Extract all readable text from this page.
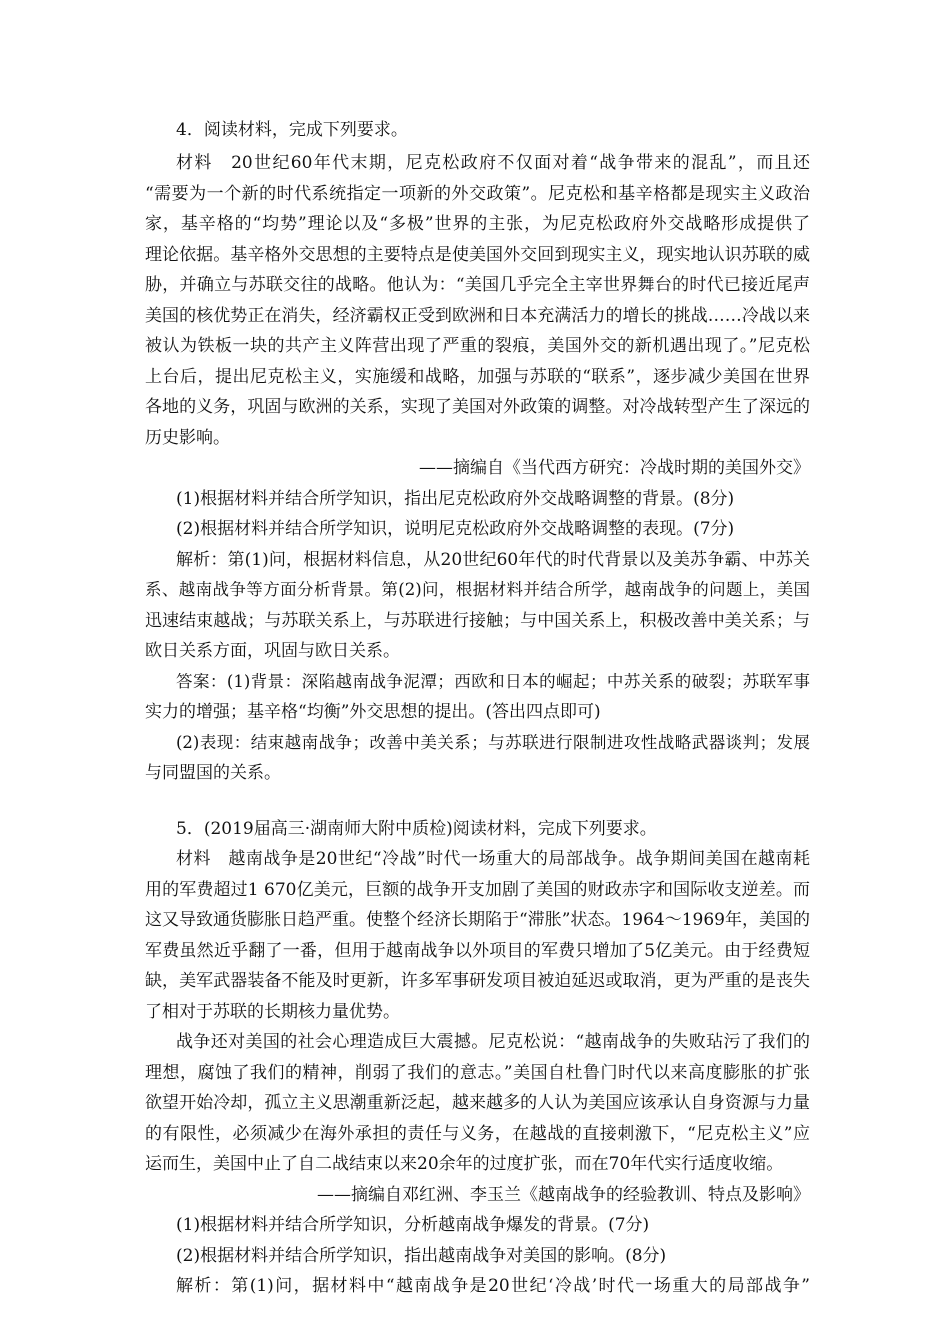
4．阅读材料，完成下列要求。
材料　20世纪60年代末期，尼克松政府不仅面对着“战争带来的混乱”，而且还
“需要为一个新的时代系统指定一项新的外交政策”。尼克松和基辛格都是现实主义政治
家，基辛格的“均势”理论以及“多极”世界的主张，为尼克松政府外交战略形成提供了
理论依据。基辛格外交思想的主要特点是使美国外交回到现实主义，现实地认识苏联的威
胁，并确立与苏联交往的战略。他认为：“美国几乎完全主宰世界舞台的时代已接近尾声
美国的核优势正在消失，经济霸权正受到欧洲和日本充满活力的增长的挑战……冷战以来
被认为铁板一块的共产主义阵营出现了严重的裂痕，美国外交的新机遇出现了。”尼克松
上台后，提出尼克松主义，实施缓和战略，加强与苏联的“联系”，逐步减少美国在世界
各地的义务，巩固与欧洲的关系，实现了美国对外政策的调整。对冷战转型产生了深远的
历史影响。
——摘编自《当代西方研究：冷战时期的美国外交》
(1)根据材料并结合所学知识，指出尼克松政府外交战略调整的背景。(8分)
(2)根据材料并结合所学知识，说明尼克松政府外交战略调整的表现。(7分)
解析：第(1)问，根据材料信息，从20世纪60年代的时代背景以及美苏争霸、中苏关
系、越南战争等方面分析背景。第(2)问，根据材料并结合所学，越南战争的问题上，美国
迅速结束越战；与苏联关系上，与苏联进行接触；与中国关系上，积极改善中美关系；与
欧日关系方面，巩固与欧日关系。
答案：(1)背景：深陷越南战争泥潭；西欧和日本的崛起；中苏关系的破裂；苏联军事
实力的增强；基辛格“均衡”外交思想的提出。(答出四点即可)
(2)表现：结束越南战争；改善中美关系；与苏联进行限制进攻性战略武器谈判；发展
与同盟国的关系。
5．(2019届高三·湖南师大附中质检)阅读材料，完成下列要求。
材料　越南战争是20世纪“冷战”时代一场重大的局部战争。战争期间美国在越南耗
用的军费超过1 670亿美元，巨额的战争开支加剧了美国的财政赤字和国际收支逆差。而
这又导致通货膨胀日趋严重。使整个经济长期陷于“滞胀”状态。1964～1969年，美国的
军费虽然近乎翻了一番，但用于越南战争以外项目的军费只增加了5亿美元。由于经费短
缺，美军武器装备不能及时更新，许多军事研发项目被迫延迟或取消，更为严重的是丧失
了相对于苏联的长期核力量优势。
战争还对美国的社会心理造成巨大震撼。尼克松说：“越南战争的失败玷污了我们的
理想，腐蚀了我们的精神，削弱了我们的意志。”美国自杜鲁门时代以来高度膨胀的扩张
欲望开始冷却，孤立主义思潮重新泛起，越来越多的人认为美国应该承认自身资源与力量
的有限性，必须减少在海外承担的责任与义务，在越战的直接刺激下，“尼克松主义”应
运而生，美国中止了自二战结束以来20余年的过度扩张，而在70年代实行适度收缩。
——摘编自邓红洲、李玉兰《越南战争的经验教训、特点及影响》
(1)根据材料并结合所学知识，分析越南战争爆发的背景。(7分)
(2)根据材料并结合所学知识，指出越南战争对美国的影响。(8分)
解析：第(1)问，据材料中“越南战争是20世纪‘冷战’时代一场重大的局部战争”
